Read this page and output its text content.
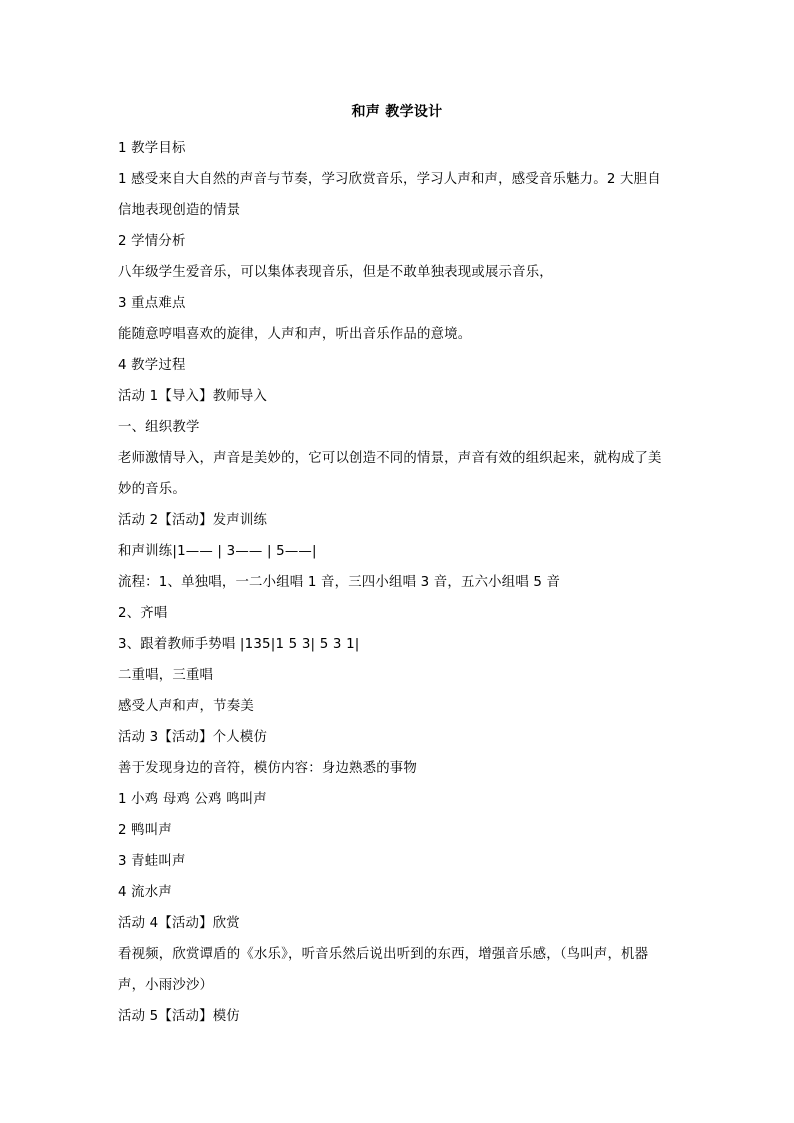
和声 教学设计
1 教学目标
1 感受来自大自然的声音与节奏，学习欣赏音乐，学习人声和声，感受音乐魅力。2 大胆自
信地表现创造的情景
2 学情分析
八年级学生爱音乐，可以集体表现音乐，但是不敢单独表现或展示音乐，
3 重点难点
能随意哼唱喜欢的旋律，人声和声，听出音乐作品的意境。
4 教学过程
活动 1【导入】教师导入
一、组织教学
老师激情导入，声音是美妙的，它可以创造不同的情景，声音有效的组织起来，就构成了美
妙的音乐。
活动 2【活动】发声训练
和声训练|1—— | 3—— | 5——|
流程：1、单独唱，一二小组唱 1 音，三四小组唱 3 音，五六小组唱 5 音
2、齐唱
3、跟着教师手势唱 |135|1 5 3| 5 3 1|
二重唱，三重唱
感受人声和声，节奏美
活动 3【活动】个人模仿
善于发现身边的音符，模仿内容：身边熟悉的事物
1 小鸡 母鸡 公鸡 鸣叫声
2 鸭叫声
3 青蛙叫声
4 流水声
活动 4【活动】欣赏
看视频，欣赏谭盾的《水乐》，听音乐然后说出听到的东西，增强音乐感，（鸟叫声，机器
声，小雨沙沙）
活动 5【活动】模仿
